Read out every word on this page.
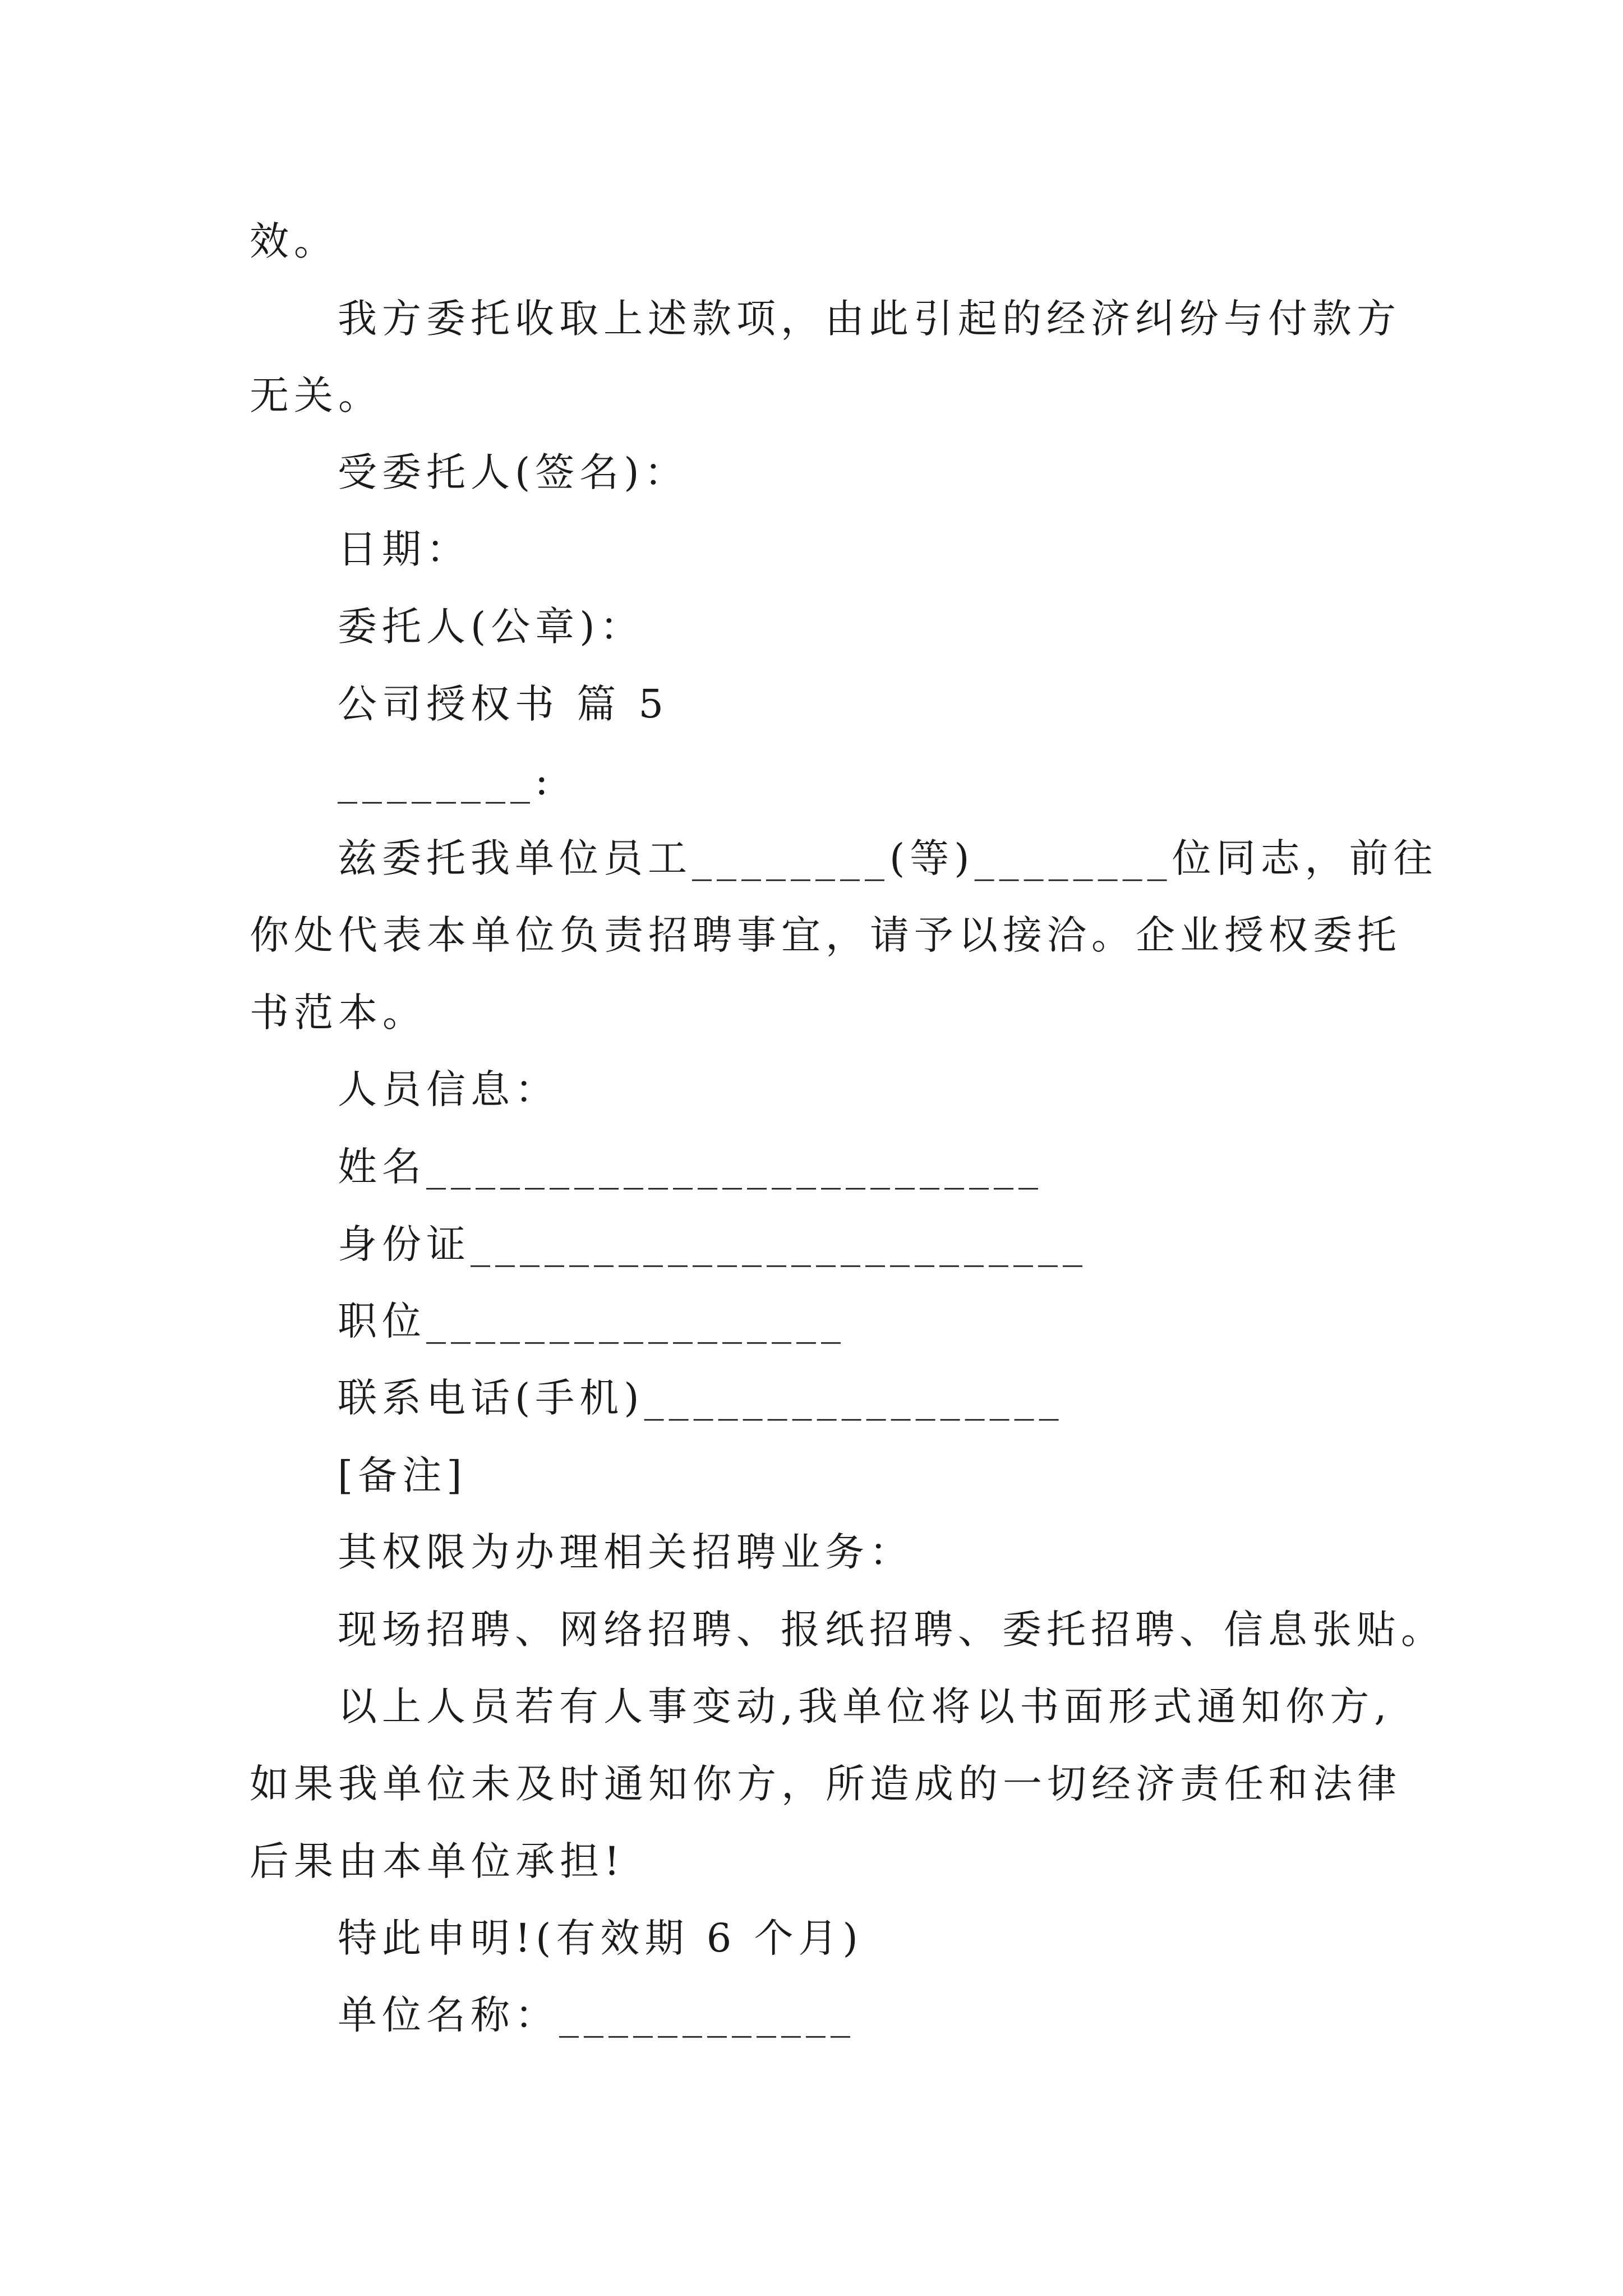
效。
我方委托收取上述款项，由此引起的经济纠纷与付款方
无关。
受委托人(签名)：
日期：
委托人(公章)：
公司授权书 篇 5
________:
兹委托我单位员工________(等)________位同志，前往
你处代表本单位负责招聘事宜，请予以接洽。企业授权委托
书范本。
人员信息：
姓名_________________________
身份证_________________________
职位_________________
联系电话(手机)_________________
[备注]
其权限为办理相关招聘业务：
现场招聘、网络招聘、报纸招聘、委托招聘、信息张贴。
以上人员若有人事变动,我单位将以书面形式通知你方,
如果我单位未及时通知你方，所造成的一切经济责任和法律
后果由本单位承担!
特此申明!(有效期 6 个月)
单位名称：____________
